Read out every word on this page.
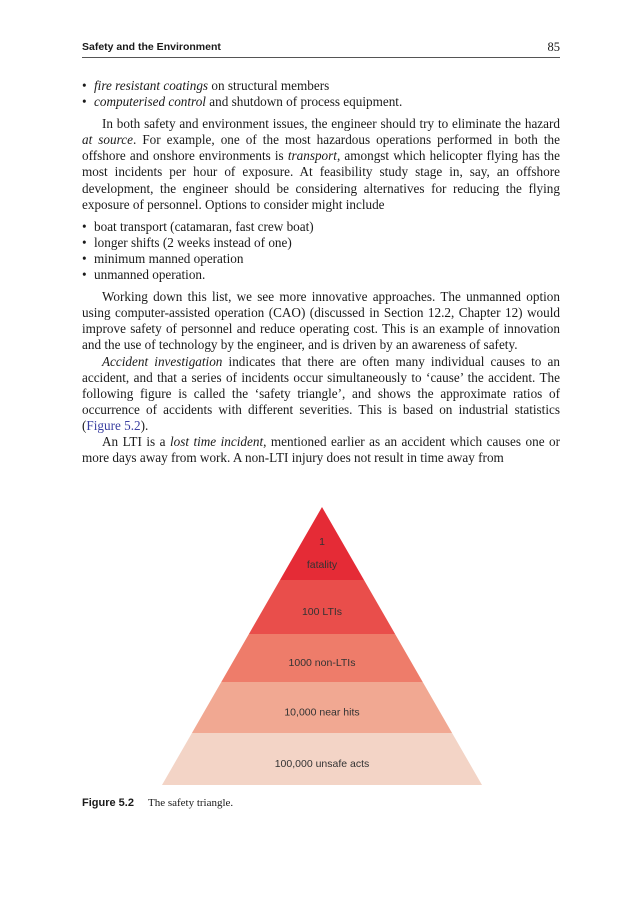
Safety and the Environment	85
• fire resistant coatings on structural members
• computerised control and shutdown of process equipment.

In both safety and environment issues, the engineer should try to eliminate the hazard at source. For example, one of the most hazardous operations performed in both the offshore and onshore environments is transport, amongst which helicopter flying has the most incidents per hour of exposure. At feasibility study stage in, say, an offshore development, the engineer should be considering alternatives for reducing the flying exposure of personnel. Options to consider might include

• boat transport (catamaran, fast crew boat)
• longer shifts (2 weeks instead of one)
• minimum manned operation
• unmanned operation.

Working down this list, we see more innovative approaches. The unmanned option using computer-assisted operation (CAO) (discussed in Section 12.2, Chapter 12) would improve safety of personnel and reduce operating cost. This is an example of innovation and the use of technology by the engineer, and is driven by an awareness of safety.

Accident investigation indicates that there are often many individual causes to an accident, and that a series of incidents occur simultaneously to ‘cause’ the accident. The following figure is called the ‘safety triangle’, and shows the approximate ratios of occurrence of accidents with different severities. This is based on industrial statistics (Figure 5.2).

An LTI is a lost time incident, mentioned earlier as an accident which causes one or more days away from work. A non-LTI injury does not result in time away from

1
fatality
100 LTIs
1000 non-LTIs
10,000 near hits
100,000 unsafe acts
Figure 5.2 The safety triangle.
